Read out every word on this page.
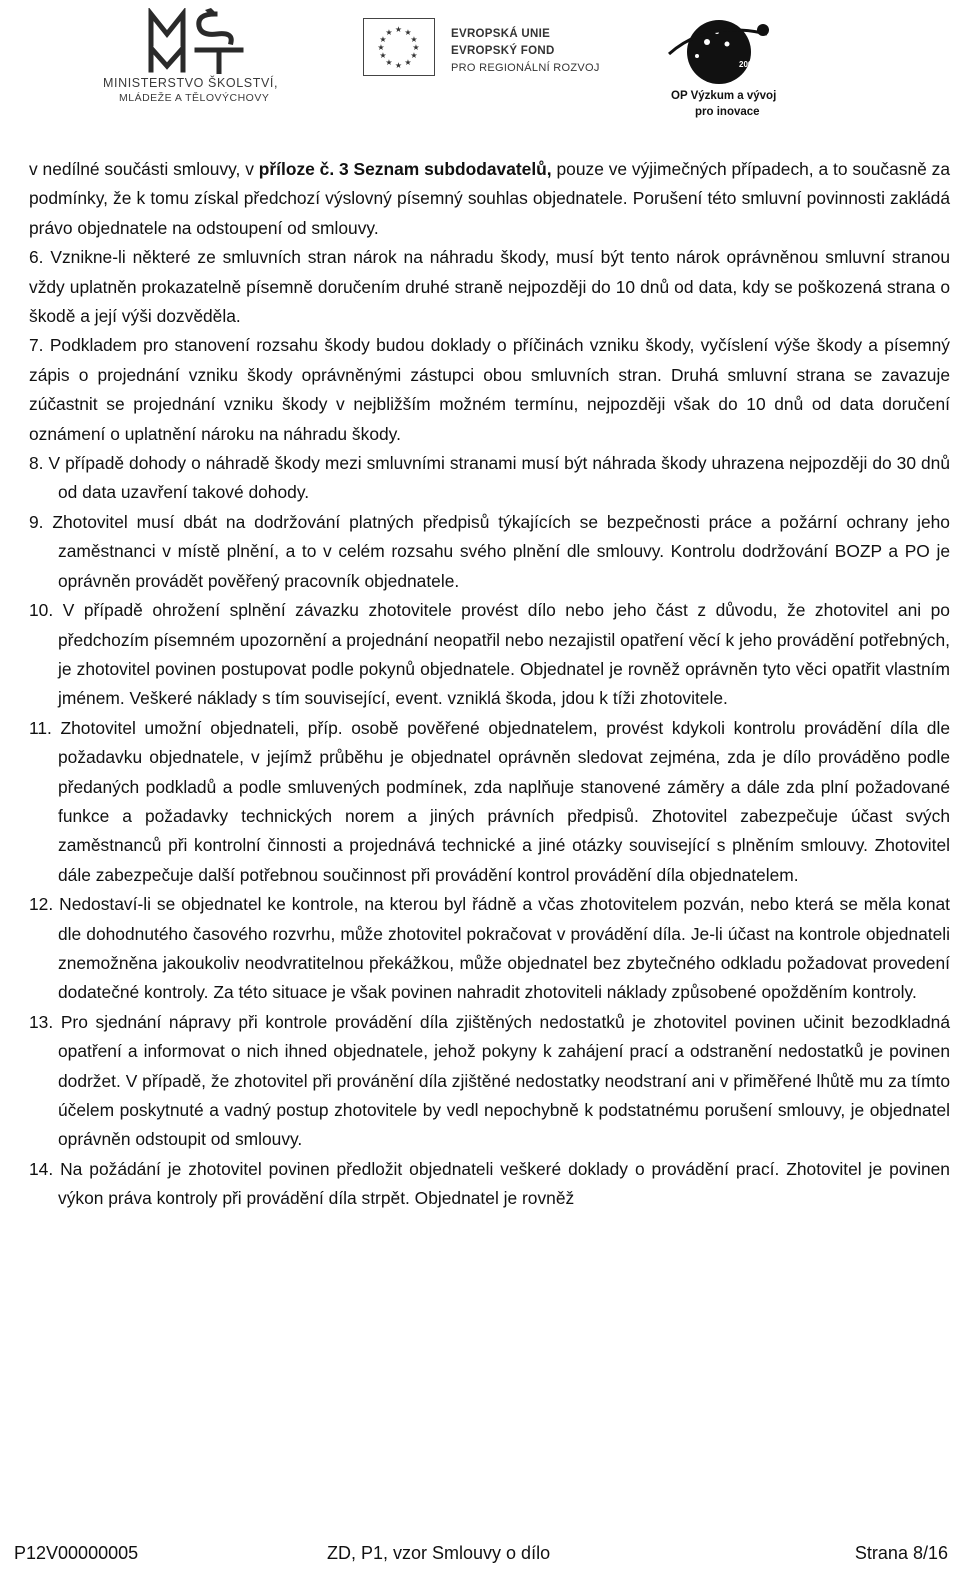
MINISTERSTVO ŠKOLSTVÍ,
MLÁDEŽE A TĚLOVÝCHOVY
★ ★
★
★
★
★
★
★
★
★
★
★	EVROPSKÁ UNIE
EVROPSKÝ FOND
PRO REGIONÁLNÍ ROZVOJ	2007-13
OP Výzkum a vývoj
pro inovace

v nedílné součásti smlouvy, v příloze č. 3 Seznam subdodavatelů, pouze ve výjimečných případech, a to současně za podmínky, že k tomu získal předchozí výslovný písemný souhlas objednatele. Porušení této smluvní povinnosti zakládá právo objednatele na odstoupení od smlouvy.

6. Vznikne-li některé ze smluvních stran nárok na náhradu škody, musí být tento nárok oprávněnou smluvní stranou vždy uplatněn prokazatelně písemně doručením druhé straně nejpozději do 10 dnů od data, kdy se poškozená strana o škodě a její výši dozvěděla.

7. Podkladem pro stanovení rozsahu škody budou doklady o příčinách vzniku škody, vyčíslení výše škody a písemný zápis o projednání vzniku škody oprávněnými zástupci obou smluvních stran. Druhá smluvní strana se zavazuje zúčastnit se projednání vzniku škody v nejbližším možném termínu, nejpozději však do 10 dnů od data doručení oznámení o uplatnění nároku na náhradu škody.

8. V případě dohody o náhradě škody mezi smluvními stranami musí být náhrada škody uhrazena nejpozději do 30 dnů od data uzavření takové dohody.

9. Zhotovitel musí dbát na dodržování platných předpisů týkajících se bezpečnosti práce a požární ochrany jeho zaměstnanci v místě plnění, a to v celém rozsahu svého plnění dle smlouvy. Kontrolu dodržování BOZP a PO je oprávněn provádět pověřený pracovník objednatele.

10. V případě ohrožení splnění závazku zhotovitele provést dílo nebo jeho část z důvodu, že zhotovitel ani po předchozím písemném upozornění a projednání neopatřil nebo nezajistil opatření věcí k jeho provádění potřebných, je zhotovitel povinen postupovat podle pokynů objednatele. Objednatel je rovněž oprávněn tyto věci opatřit vlastním jménem. Veškeré náklady s tím související, event. vzniklá škoda, jdou k tíži zhotovitele.

11. Zhotovitel umožní objednateli, příp. osobě pověřené objednatelem, provést kdykoli kontrolu provádění díla dle požadavku objednatele, v jejímž průběhu je objednatel oprávněn sledovat zejména, zda je dílo prováděno podle předaných podkladů a podle smluvených podmínek, zda naplňuje stanovené záměry a dále zda plní požadované funkce a požadavky technických norem a jiných právních předpisů. Zhotovitel zabezpečuje účast svých zaměstnanců při kontrolní činnosti a projednává technické a jiné otázky související s plněním smlouvy. Zhotovitel dále zabezpečuje další potřebnou součinnost při provádění kontrol provádění díla objednatelem.

12. Nedostaví-li se objednatel ke kontrole, na kterou byl řádně a včas zhotovitelem pozván, nebo která se měla konat dle dohodnutého časového rozvrhu, může zhotovitel pokračovat v provádění díla. Je-li účast na kontrole objednateli znemožněna jakoukoliv neodvratitelnou překážkou, může objednatel bez zbytečného odkladu požadovat provedení dodatečné kontroly. Za této situace je však povinen nahradit zhotoviteli náklady způsobené opožděním kontroly.

13. Pro sjednání nápravy při kontrole provádění díla zjištěných nedostatků je zhotovitel povinen učinit bezodkladná opatření a informovat o nich ihned objednatele, jehož pokyny k zahájení prací a odstranění nedostatků je povinen dodržet. V případě, že zhotovitel při provánění díla zjištěné nedostatky neodstraní ani v přiměřené lhůtě mu za tímto účelem poskytnuté a vadný postup zhotovitele by vedl nepochybně k podstatnému porušení smlouvy, je objednatel oprávněn odstoupit od smlouvy.

14. Na požádání je zhotovitel povinen předložit objednateli veškeré doklady o provádění prací. Zhotovitel je povinen výkon práva kontroly při provádění díla strpět. Objednatel je rovněž

P12V00000005	ZD, P1, vzor Smlouvy o dílo	Strana 8/16
